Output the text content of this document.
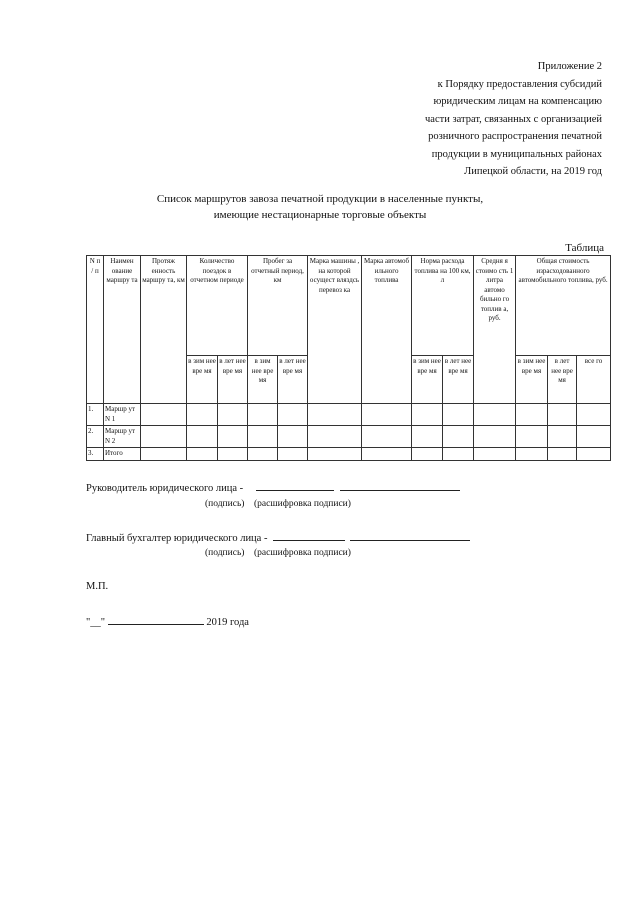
Приложение 2
к Порядку предоставления субсидий
юридическим лицам на компенсацию
части затрат, связанных с организацией
розничного распространения печатной
продукции в муниципальных районах
Липецкой области, на 2019 год
Список маршрутов завоза печатной продукции в населенные пункты,
имеющие нестационарные торговые объекты
Таблица
N п / п	Наимен ование маршру та	Протяж енность маршру та, км	Количество поездок в отчетном периоде		Пробег за отчетный период, км		Марка машины , на которой осущест вляздсь перевоз ка	Марка автомоб ильного топлива	Норма расхода топлива на 100 км, л		Средня я стоимо сть 1 литра автомо бильно го топлив а, руб.	Общая стоимость израсходованного автомобильного топлива, руб.		
			в зим нее вре мя	в лет нее вре мя	в зим нее вре мя	в лет нее вре мя			в зим нее вре мя	в лет нее вре мя		в зим нее вре мя	в лет нее вре мя	все го
1.	Маршр ут N 1													
2.	Маршр ут N 2													
3.	Итого													
Руководитель юридического лица -
(подпись) (расшифровка подписи)
Главный бухгалтер юридического лица -
(подпись) (расшифровка подписи)
М.П.
"__"	2019 года
